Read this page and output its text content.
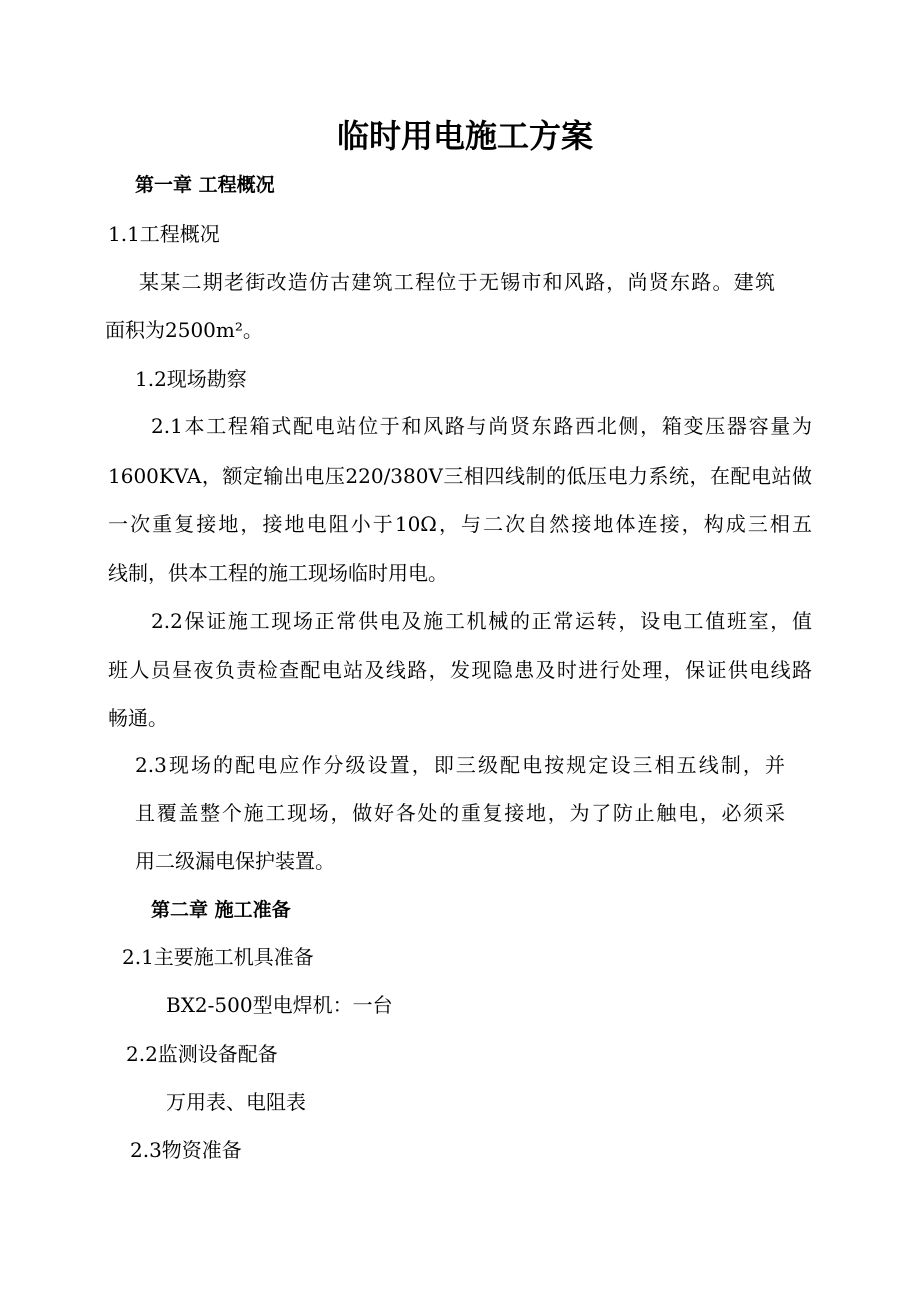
临时用电施工方案
第一章 工程概况
1.1工程概况
某某二期老街改造仿古建筑工程位于无锡市和风路，尚贤东路。建筑
面积为2500m²。
1.2现场勘察
2.1本工程箱式配电站位于和风路与尚贤东路西北侧，箱变压器容量为
1600KVA，额定输出电压220/380V三相四线制的低压电力系统，在配电站做
一次重复接地，接地电阻小于10Ω，与二次自然接地体连接，构成三相五
线制，供本工程的施工现场临时用电。
2.2保证施工现场正常供电及施工机械的正常运转，设电工值班室，值
班人员昼夜负责检查配电站及线路，发现隐患及时进行处理，保证供电线路
畅通。
2.3现场的配电应作分级设置，即三级配电按规定设三相五线制，并
且覆盖整个施工现场，做好各处的重复接地，为了防止触电，必须采
用二级漏电保护装置。
第二章 施工准备
2.1主要施工机具准备
BX2-500型电焊机：一台
2.2监测设备配备
万用表、电阻表
2.3物资准备
